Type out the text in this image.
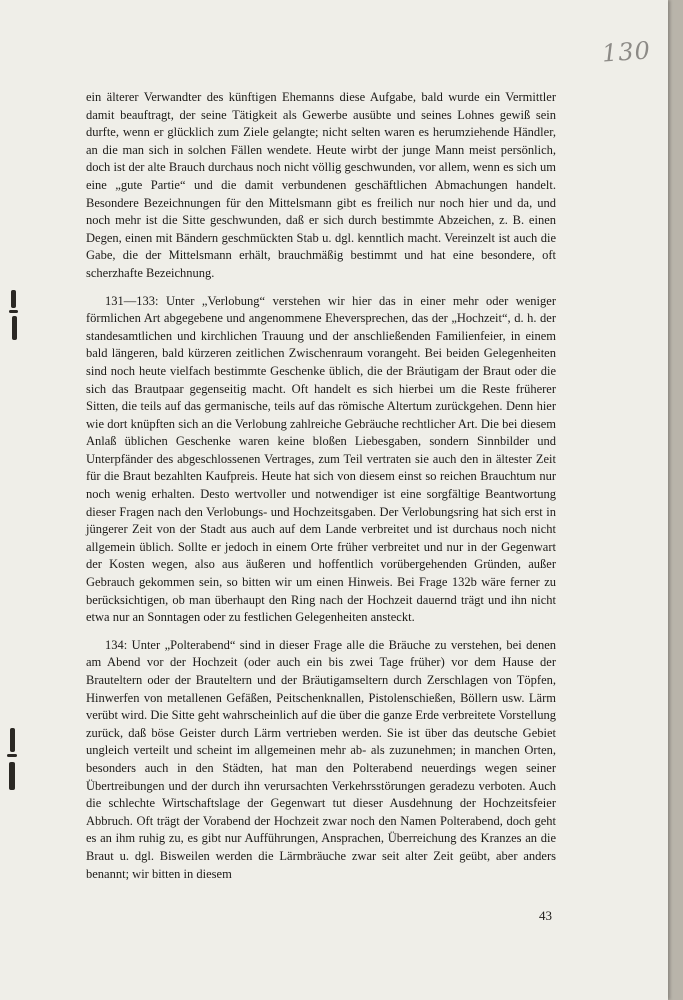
130

ein älterer Verwandter des künftigen Ehemanns diese Aufgabe, bald wurde ein Vermittler damit beauftragt, der seine Tätigkeit als Gewerbe ausübte und seines Lohnes gewiß sein durfte, wenn er glücklich zum Ziele gelangte; nicht selten waren es herumziehende Händler, an die man sich in solchen Fällen wendete. Heute wirbt der junge Mann meist persönlich, doch ist der alte Brauch durchaus noch nicht völlig geschwunden, vor allem, wenn es sich um eine „gute Partie“ und die damit verbundenen geschäftlichen Abmachungen handelt. Besondere Bezeichnungen für den Mittelsmann gibt es freilich nur noch hier und da, und noch mehr ist die Sitte geschwunden, daß er sich durch bestimmte Abzeichen, z. B. einen Degen, einen mit Bändern geschmückten Stab u. dgl. kenntlich macht. Vereinzelt ist auch die Gabe, die der Mittelsmann erhält, brauchmäßig bestimmt und hat eine besondere, oft scherzhafte Bezeichnung.

131—133: Unter „Verlobung“ verstehen wir hier das in einer mehr oder weniger förmlichen Art abgegebene und angenommene Eheversprechen, das der „Hochzeit“, d. h. der standesamtlichen und kirchlichen Trauung und der anschließenden Familienfeier, in einem bald längeren, bald kürzeren zeitlichen Zwischenraum vorangeht. Bei beiden Gelegenheiten sind noch heute vielfach bestimmte Geschenke üblich, die der Bräutigam der Braut oder die sich das Brautpaar gegenseitig macht. Oft handelt es sich hierbei um die Reste früherer Sitten, die teils auf das germanische, teils auf das römische Altertum zurückgehen. Denn hier wie dort knüpften sich an die Verlobung zahlreiche Gebräuche rechtlicher Art. Die bei diesem Anlaß üblichen Geschenke waren keine bloßen Liebesgaben, sondern Sinnbilder und Unterpfänder des abgeschlossenen Vertrages, zum Teil vertraten sie auch den in ältester Zeit für die Braut bezahlten Kaufpreis. Heute hat sich von diesem einst so reichen Brauchtum nur noch wenig erhalten. Desto wertvoller und notwendiger ist eine sorgfältige Beantwortung dieser Fragen nach den Verlobungs- und Hochzeitsgaben. Der Verlobungsring hat sich erst in jüngerer Zeit von der Stadt aus auch auf dem Lande verbreitet und ist durchaus noch nicht allgemein üblich. Sollte er jedoch in einem Orte früher verbreitet und nur in der Gegenwart der Kosten wegen, also aus äußeren und hoffentlich vorübergehenden Gründen, außer Gebrauch gekommen sein, so bitten wir um einen Hinweis. Bei Frage 132b wäre ferner zu berücksichtigen, ob man überhaupt den Ring nach der Hochzeit dauernd trägt und ihn nicht etwa nur an Sonntagen oder zu festlichen Gelegenheiten ansteckt.

134: Unter „Polterabend“ sind in dieser Frage alle die Bräuche zu verstehen, bei denen am Abend vor der Hochzeit (oder auch ein bis zwei Tage früher) vor dem Hause der Brauteltern oder der Brauteltern und der Bräutigamseltern durch Zerschlagen von Töpfen, Hinwerfen von metallenen Gefäßen, Peitschenknallen, Pistolenschießen, Böllern usw. Lärm verübt wird. Die Sitte geht wahrscheinlich auf die über die ganze Erde verbreitete Vorstellung zurück, daß böse Geister durch Lärm vertrieben werden. Sie ist über das deutsche Gebiet ungleich verteilt und scheint im allgemeinen mehr ab- als zuzunehmen; in manchen Orten, besonders auch in den Städten, hat man den Polterabend neuerdings wegen seiner Übertreibungen und der durch ihn verursachten Verkehrsstörungen geradezu verboten. Auch die schlechte Wirtschaftslage der Gegenwart tut dieser Ausdehnung der Hochzeitsfeier Abbruch. Oft trägt der Vorabend der Hochzeit zwar noch den Namen Polterabend, doch geht es an ihm ruhig zu, es gibt nur Aufführungen, Ansprachen, Überreichung des Kranzes an die Braut u. dgl. Bisweilen werden die Lärmbräuche zwar seit alter Zeit geübt, aber anders benannt; wir bitten in diesem

43
